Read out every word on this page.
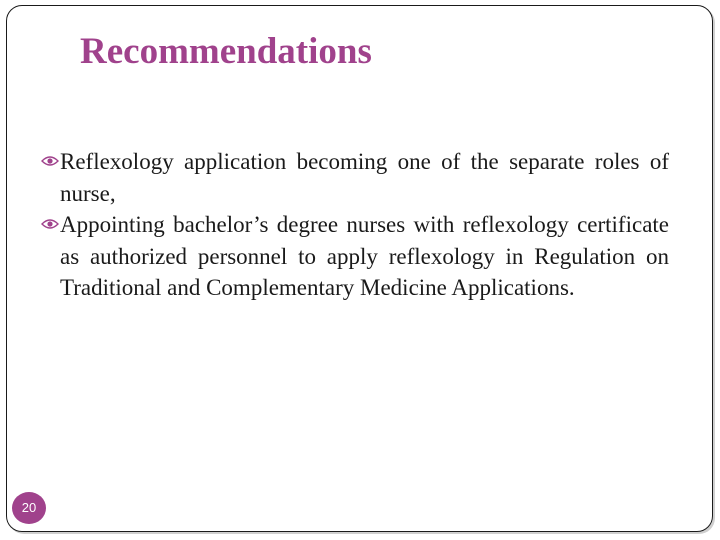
Recommendations

Reflexology application becoming one of the separate roles of nurse,

Appointing bachelor’s degree nurses with reflexology certificate as authorized personnel to apply reflexology in Regulation on Traditional and Complementary Medicine Applications.

20
